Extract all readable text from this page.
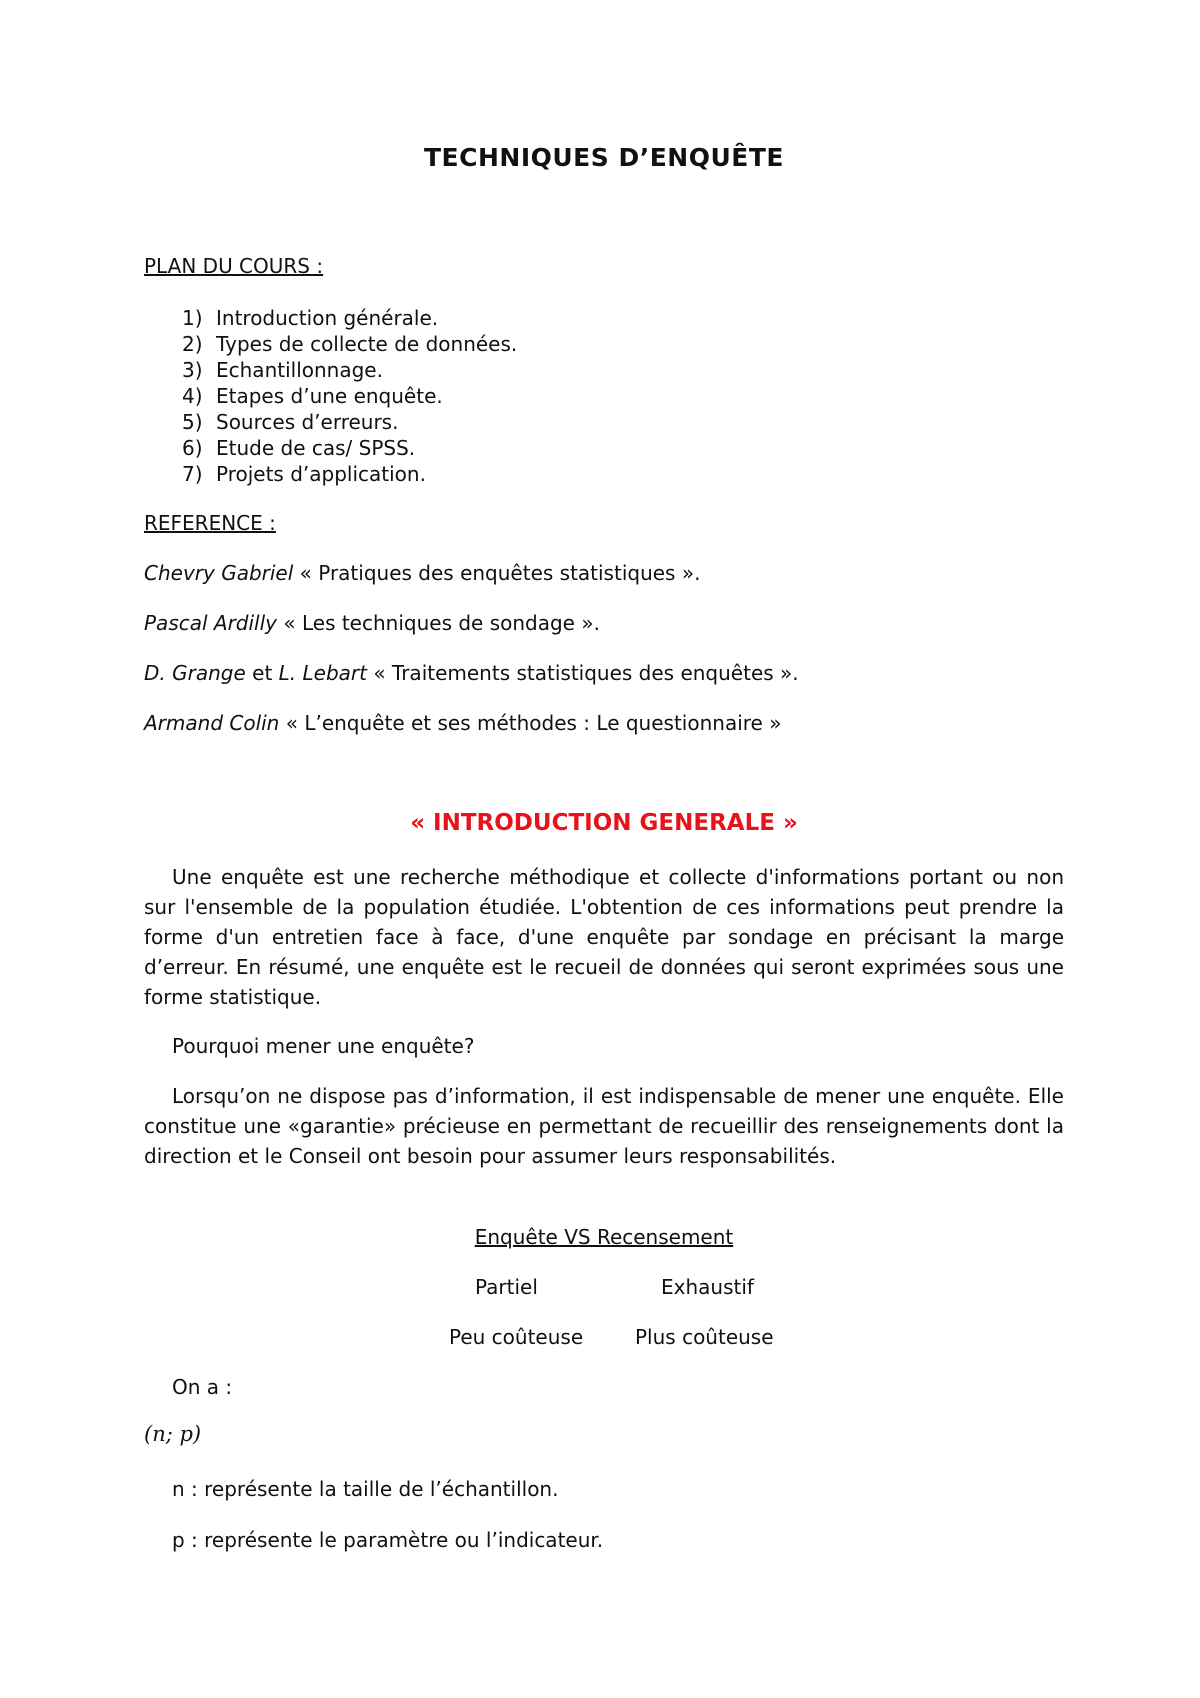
TECHNIQUES D’ENQUÊTE

PLAN DU COURS :

1) Introduction générale.
2) Types de collecte de données.
3) Echantillonnage.
4) Etapes d’une enquête.
5) Sources d’erreurs.
6) Etude de cas/ SPSS.
7) Projets d’application.

REFERENCE :

Chevry Gabriel « Pratiques des enquêtes statistiques ».

Pascal Ardilly « Les techniques de sondage ».

D. Grange et L. Lebart « Traitements statistiques des enquêtes ».

Armand Colin « L’enquête et ses méthodes : Le questionnaire »

« INTRODUCTION GENERALE »

Une enquête est une recherche méthodique et collecte d'informations portant ou non sur l'ensemble de la population étudiée. L'obtention de ces informations peut prendre la forme d'un entretien face à face, d'une enquête par sondage en précisant la marge d’erreur. En résumé, une enquête est le recueil de données qui seront exprimées sous une forme statistique.

Pourquoi mener une enquête?

Lorsqu’on ne dispose pas d’information, il est indispensable de mener une enquête. Elle constitue une «garantie» précieuse en permettant de recueillir des renseignements dont la direction et le Conseil ont besoin pour assumer leurs responsabilités.

Enquête VS Recensement

Partiel	Exhaustif

Peu coûteuse	Plus coûteuse

On a :

(n; p)

n : représente la taille de l’échantillon.

p : représente le paramètre ou l’indicateur.
